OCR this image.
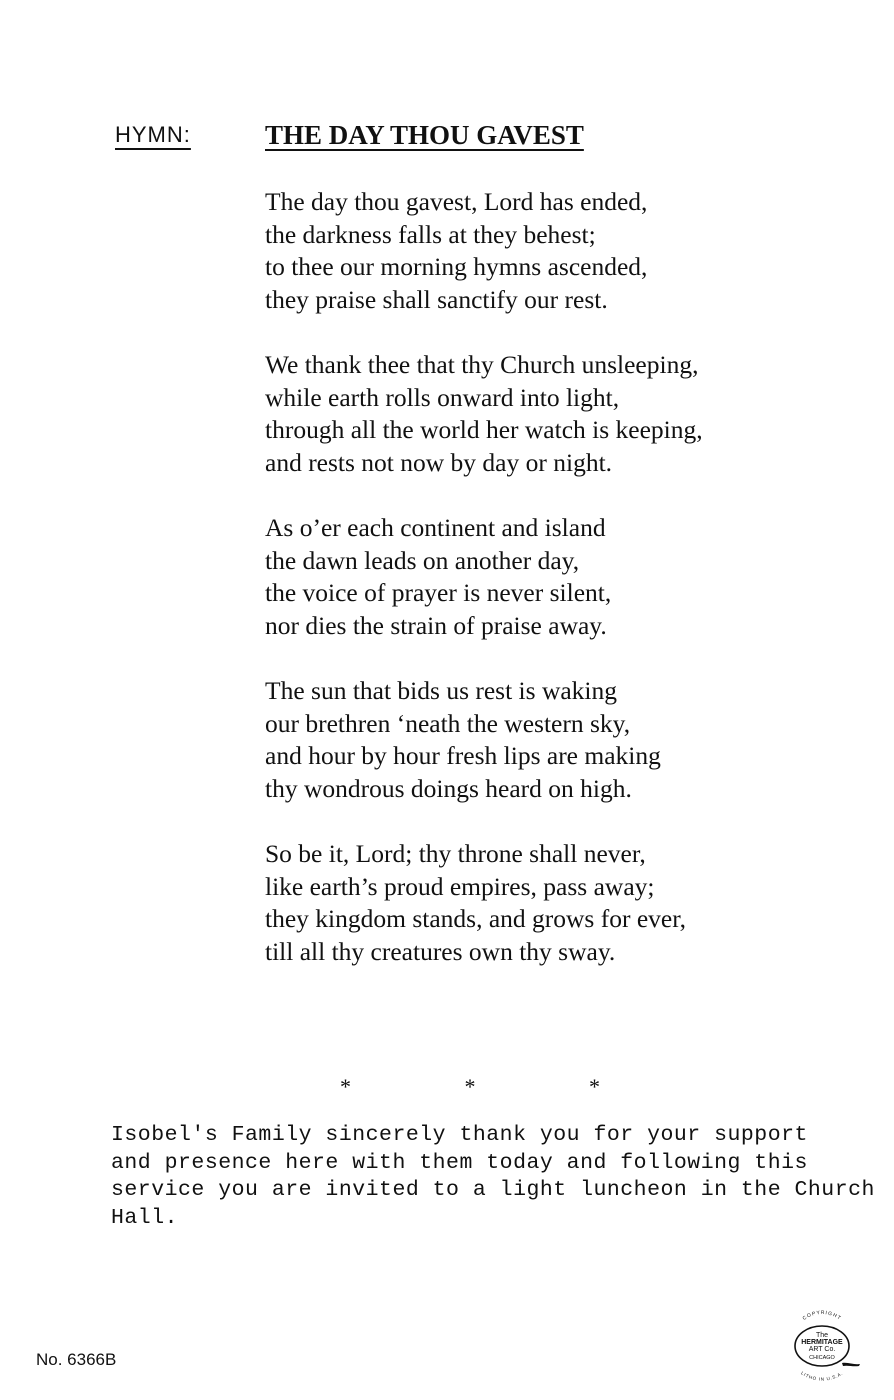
HYMN:	THE DAY THOU GAVEST
The day thou gavest, Lord has ended,
the darkness falls at they behest;
to thee our morning hymns ascended,
they praise shall sanctify our rest.
We thank thee that thy Church unsleeping,
while earth rolls onward into light,
through all the world her watch is keeping,
and rests not now by day or night.
As o’er each continent and island
the dawn leads on another day,
the voice of prayer is never silent,
nor dies the strain of praise away.
The sun that bids us rest is waking
our brethren ‘neath the western sky,
and hour by hour fresh lips are making
thy wondrous doings heard on high.
So be it, Lord; thy throne shall never,
like earth’s proud empires, pass away;
they kingdom stands, and grows for ever,
till all thy creatures own thy sway.
*	*	*
Isobel's Family sincerely thank you for your support
and presence here with them today and following this
service you are invited to a light luncheon in the Church
Hall.
No. 6366B
COPYRIGHT
The
HERMITAGE
ART Co.
CHICAGO
LITHO IN U.S.A.
